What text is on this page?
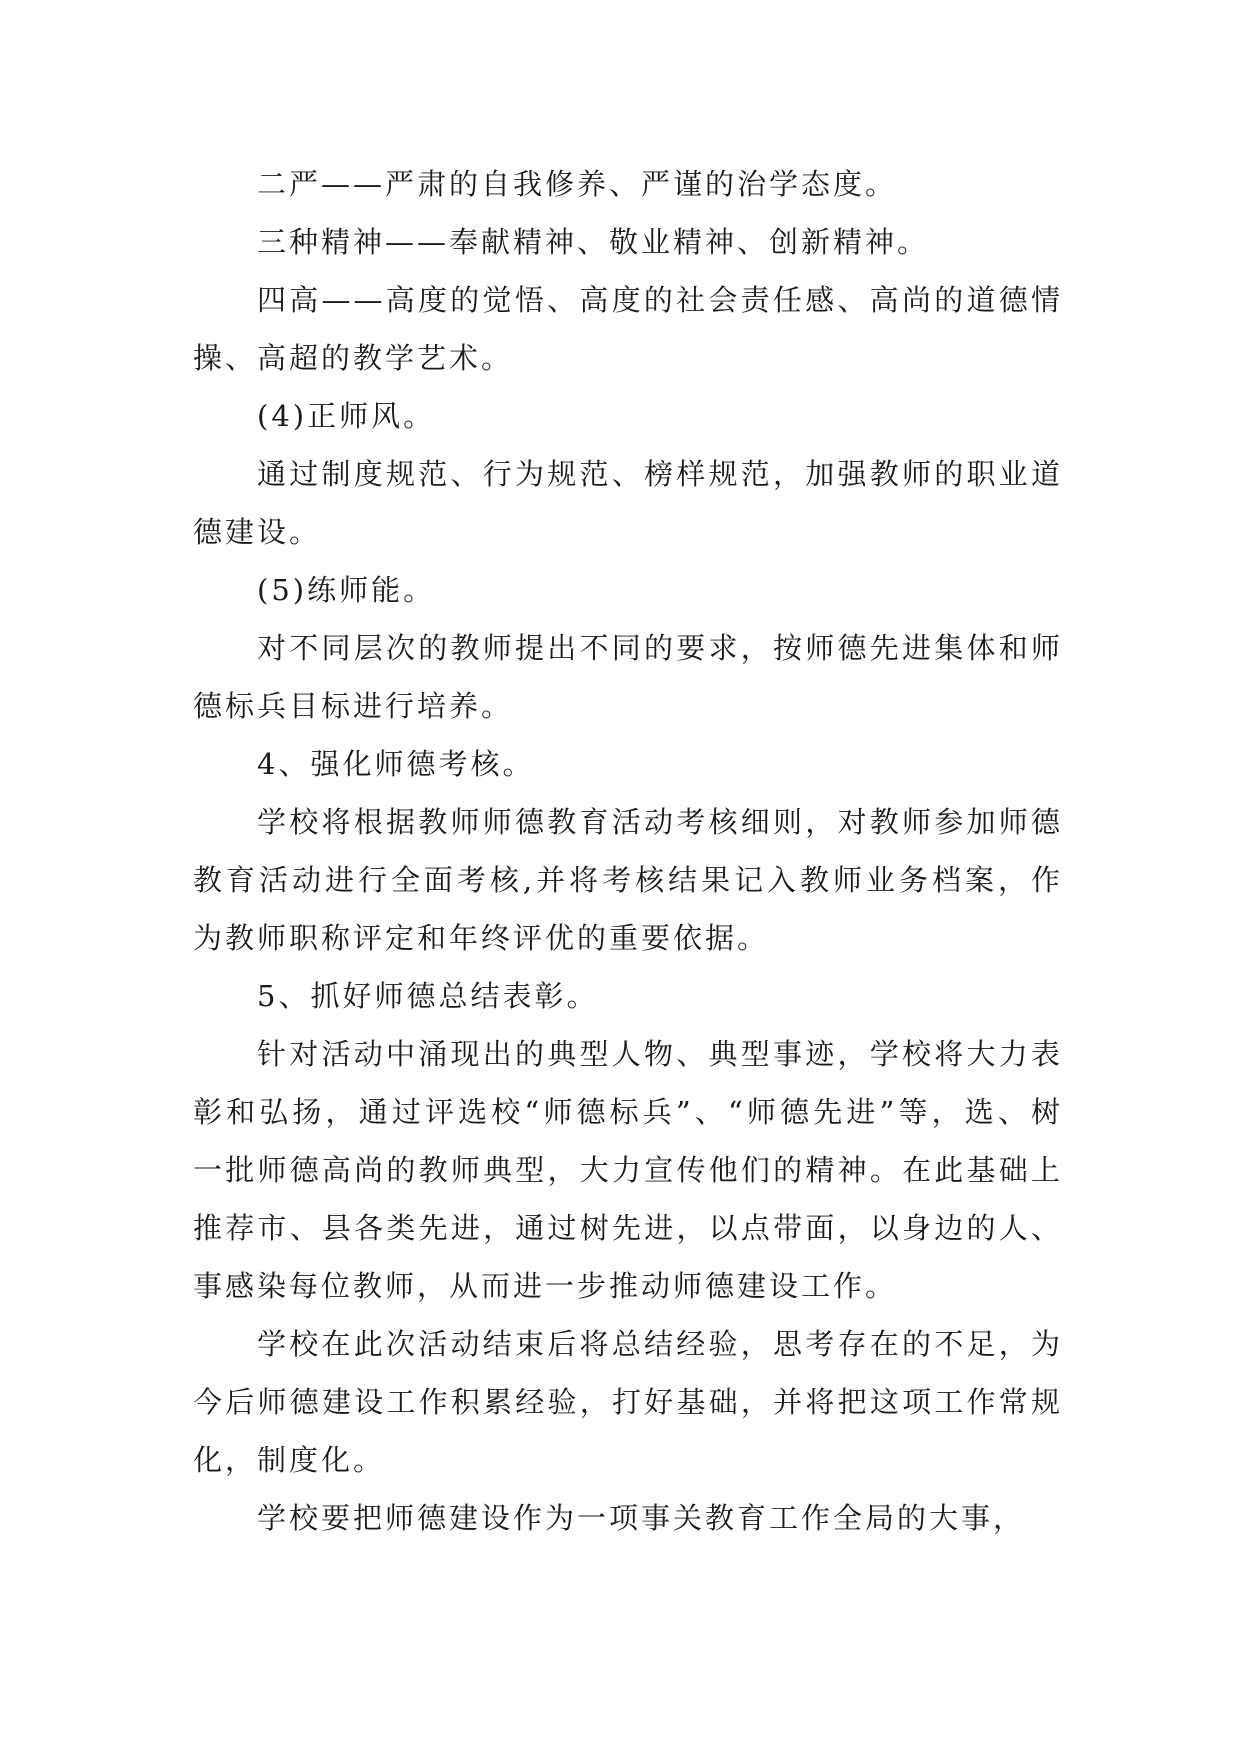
二严——严肃的自我修养、严谨的治学态度。

三种精神——奉献精神、敬业精神、创新精神。

四高——高度的觉悟、高度的社会责任感、高尚的道德情操、高超的教学艺术。

(4)正师风。

通过制度规范、行为规范、榜样规范，加强教师的职业道德建设。

(5)练师能。

对不同层次的教师提出不同的要求，按师德先进集体和师德标兵目标进行培养。

4、强化师德考核。

学校将根据教师师德教育活动考核细则，对教师参加师德教育活动进行全面考核,并将考核结果记入教师业务档案，作为教师职称评定和年终评优的重要依据。

5、抓好师德总结表彰。

针对活动中涌现出的典型人物、典型事迹，学校将大力表彰和弘扬，通过评选校“师德标兵”、“师德先进”等，选、树一批师德高尚的教师典型，大力宣传他们的精神。在此基础上推荐市、县各类先进，通过树先进，以点带面，以身边的人、事感染每位教师，从而进一步推动师德建设工作。

学校在此次活动结束后将总结经验，思考存在的不足，为今后师德建设工作积累经验，打好基础，并将把这项工作常规化，制度化。

学校要把师德建设作为一项事关教育工作全局的大事，
